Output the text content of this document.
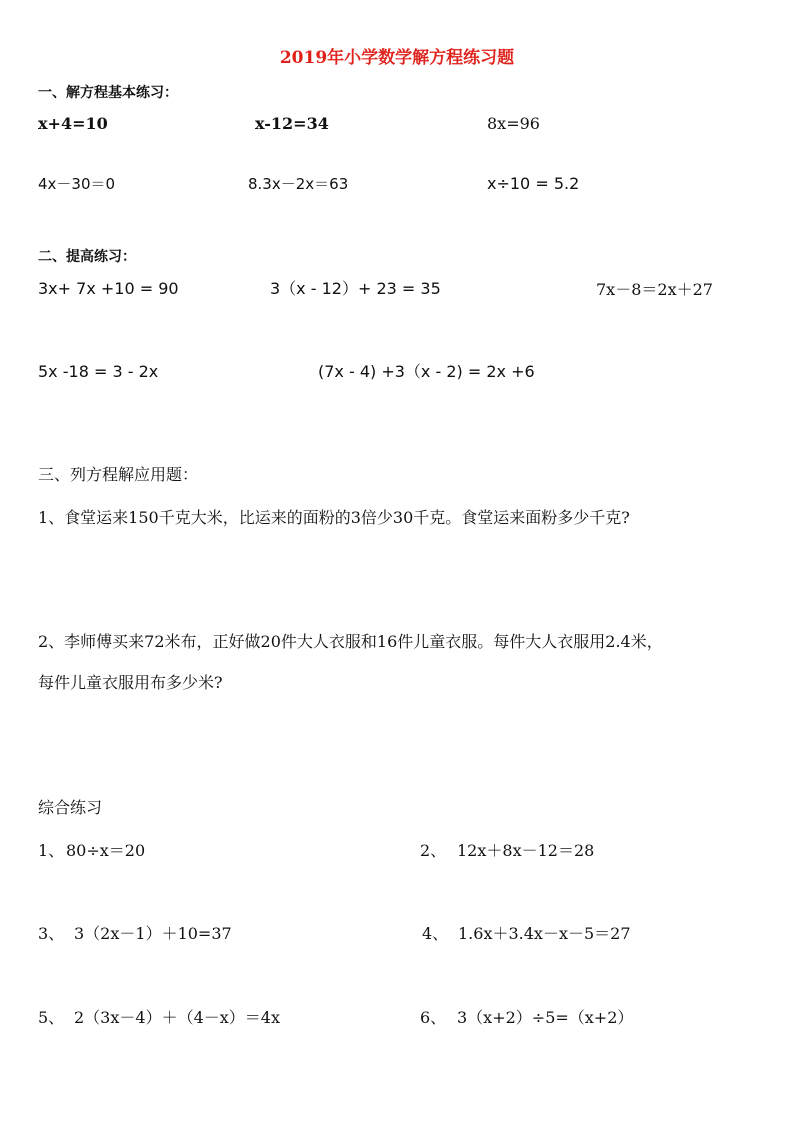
2019年小学数学解方程练习题
一、解方程基本练习：
x+4=10	x-12=34	8x=96
4x－30＝0	8.3x－2x＝63	x÷10 = 5.2
二、提高练习：
3x+ 7x +10 = 90	3（x - 12）+ 23 = 35	7x－8＝2x＋27
5x -18 = 3 - 2x	(7x - 4) +3（x - 2) = 2x +6
三、列方程解应用题：
1、食堂运来150千克大米，比运来的面粉的3倍少30千克。食堂运来面粉多少千克?
2、李师傅买来72米布，正好做20件大人衣服和16件儿童衣服。每件大人衣服用2.4米，
每件儿童衣服用布多少米?
综合练习
1、 80÷x＝20	2、 12x＋8x－12＝28
3、 3（2x－1）＋10=37	4、 1.6x＋3.4x－x－5＝27
5、 2（3x－4）＋（4－x）＝4x	6、 3（x+2）÷5=（x+2）
